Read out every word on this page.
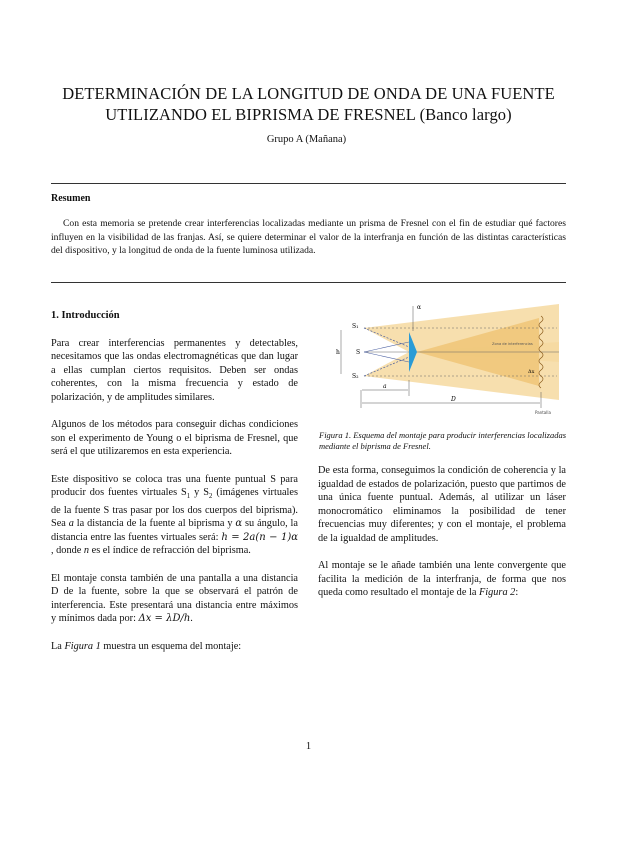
DETERMINACIÓN DE LA LONGITUD DE ONDA DE UNA FUENTE
UTILIZANDO EL BIPRISMA DE FRESNEL (Banco largo)
Grupo A (Mañana)
Resumen
Con esta memoria se pretende crear interferencias localizadas mediante un prisma de Fresnel con el fin de estudiar qué factores influyen en la visibilidad de las franjas. Así, se quiere determinar el valor de la interfranja en función de las distintas características del dispositivo, y la longitud de onda de la fuente luminosa utilizada.

1. Introducción

Para crear interferencias permanentes y detectables, necesitamos que las ondas electromagnéticas que dan lugar a ellas cumplan ciertos requisitos. Deben ser ondas coherentes, con la misma frecuencia y estado de polarización, y de amplitudes similares.

Algunos de los métodos para conseguir dichas condiciones son el experimento de Young o el biprisma de Fresnel, que será el que utilizaremos en esta experiencia.

Este dispositivo se coloca tras una fuente puntual S para producir dos fuentes virtuales $S_1$ y $S_2$ (imágenes virtuales de la fuente S tras pasar por los dos cuerpos del biprisma). Sea a la distancia de la fuente al biprisma y α su ángulo, la distancia entre las fuentes virtuales será: h = 2a(n − 1)α , donde n es el índice de refracción del biprisma.

El montaje consta también de una pantalla a una distancia D de la fuente, sobre la que se observará el patrón de interferencia. Este presentará una distancia entre máximos y mínimos dada por: Δx = λD/h.

La Figura 1 muestra un esquema del montaje:

α
S₁
S
S₂
h
Zona de interferencias
Δx
a
D
Pantalla
Figura 1. Esquema del montaje para producir interferencias localizadas mediante el biprisma de Fresnel.

De esta forma, conseguimos la condición de coherencia y la igualdad de estados de polarización, puesto que partimos de una única fuente puntual. Además, al utilizar un láser monocromático eliminamos la posibilidad de tener frecuencias muy diferentes; y con el montaje, el problema de la igualdad de amplitudes.

Al montaje se le añade también una lente convergente que facilita la medición de la interfranja, de forma que nos queda como resultado el montaje de la Figura 2:

1
